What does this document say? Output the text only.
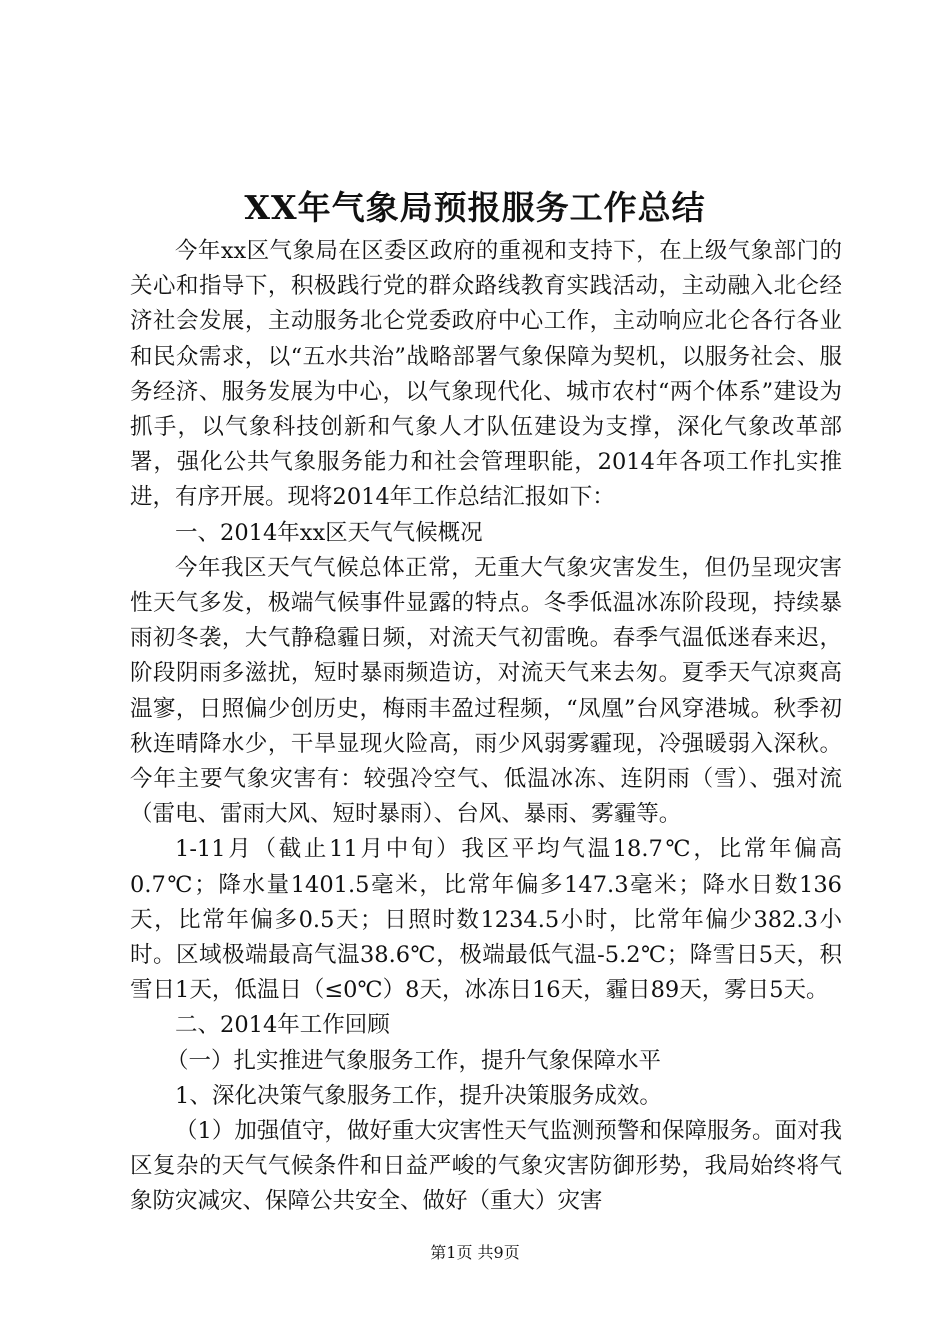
XX年气象局预报服务工作总结

今年xx区气象局在区委区政府的重视和支持下，在上级气象部门的关心和指导下，积极践行党的群众路线教育实践活动，主动融入北仑经济社会发展，主动服务北仑党委政府中心工作，主动响应北仑各行各业和民众需求，以“五水共治”战略部署气象保障为契机，以服务社会、服务经济、服务发展为中心，以气象现代化、城市农村“两个体系”建设为抓手，以气象科技创新和气象人才队伍建设为支撑，深化气象改革部署，强化公共气象服务能力和社会管理职能，2014年各项工作扎实推进，有序开展。现将2014年工作总结汇报如下：

一、2014年xx区天气气候概况

今年我区天气气候总体正常，无重大气象灾害发生，但仍呈现灾害性天气多发，极端气候事件显露的特点。冬季低温冰冻阶段现，持续暴雨初冬袭，大气静稳霾日频，对流天气初雷晚。春季气温低迷春来迟，阶段阴雨多滋扰，短时暴雨频造访，对流天气来去匆。夏季天气凉爽高温寥，日照偏少创历史，梅雨丰盈过程频，“凤凰”台风穿港城。秋季初秋连晴降水少，干旱显现火险高，雨少风弱雾霾现，冷强暖弱入深秋。今年主要气象灾害有：较强冷空气、低温冰冻、连阴雨（雪）、强对流（雷电、雷雨大风、短时暴雨）、台风、暴雨、雾霾等。

1-11月（截止11月中旬）我区平均气温18.7℃，比常年偏高0.7℃；降水量1401.5毫米，比常年偏多147.3毫米；降水日数136天，比常年偏多0.5天；日照时数1234.5小时，比常年偏少382.3小时。区域极端最高气温38.6℃，极端最低气温-5.2℃；降雪日5天，积雪日1天，低温日（≤0℃）8天，冰冻日16天，霾日89天，雾日5天。

二、2014年工作回顾

（一）扎实推进气象服务工作，提升气象保障水平

1、深化决策气象服务工作，提升决策服务成效。

（1）加强值守，做好重大灾害性天气监测预警和保障服务。面对我区复杂的天气气候条件和日益严峻的气象灾害防御形势，我局始终将气象防灾减灾、保障公共安全、做好（重大）灾害

第1页 共9页
